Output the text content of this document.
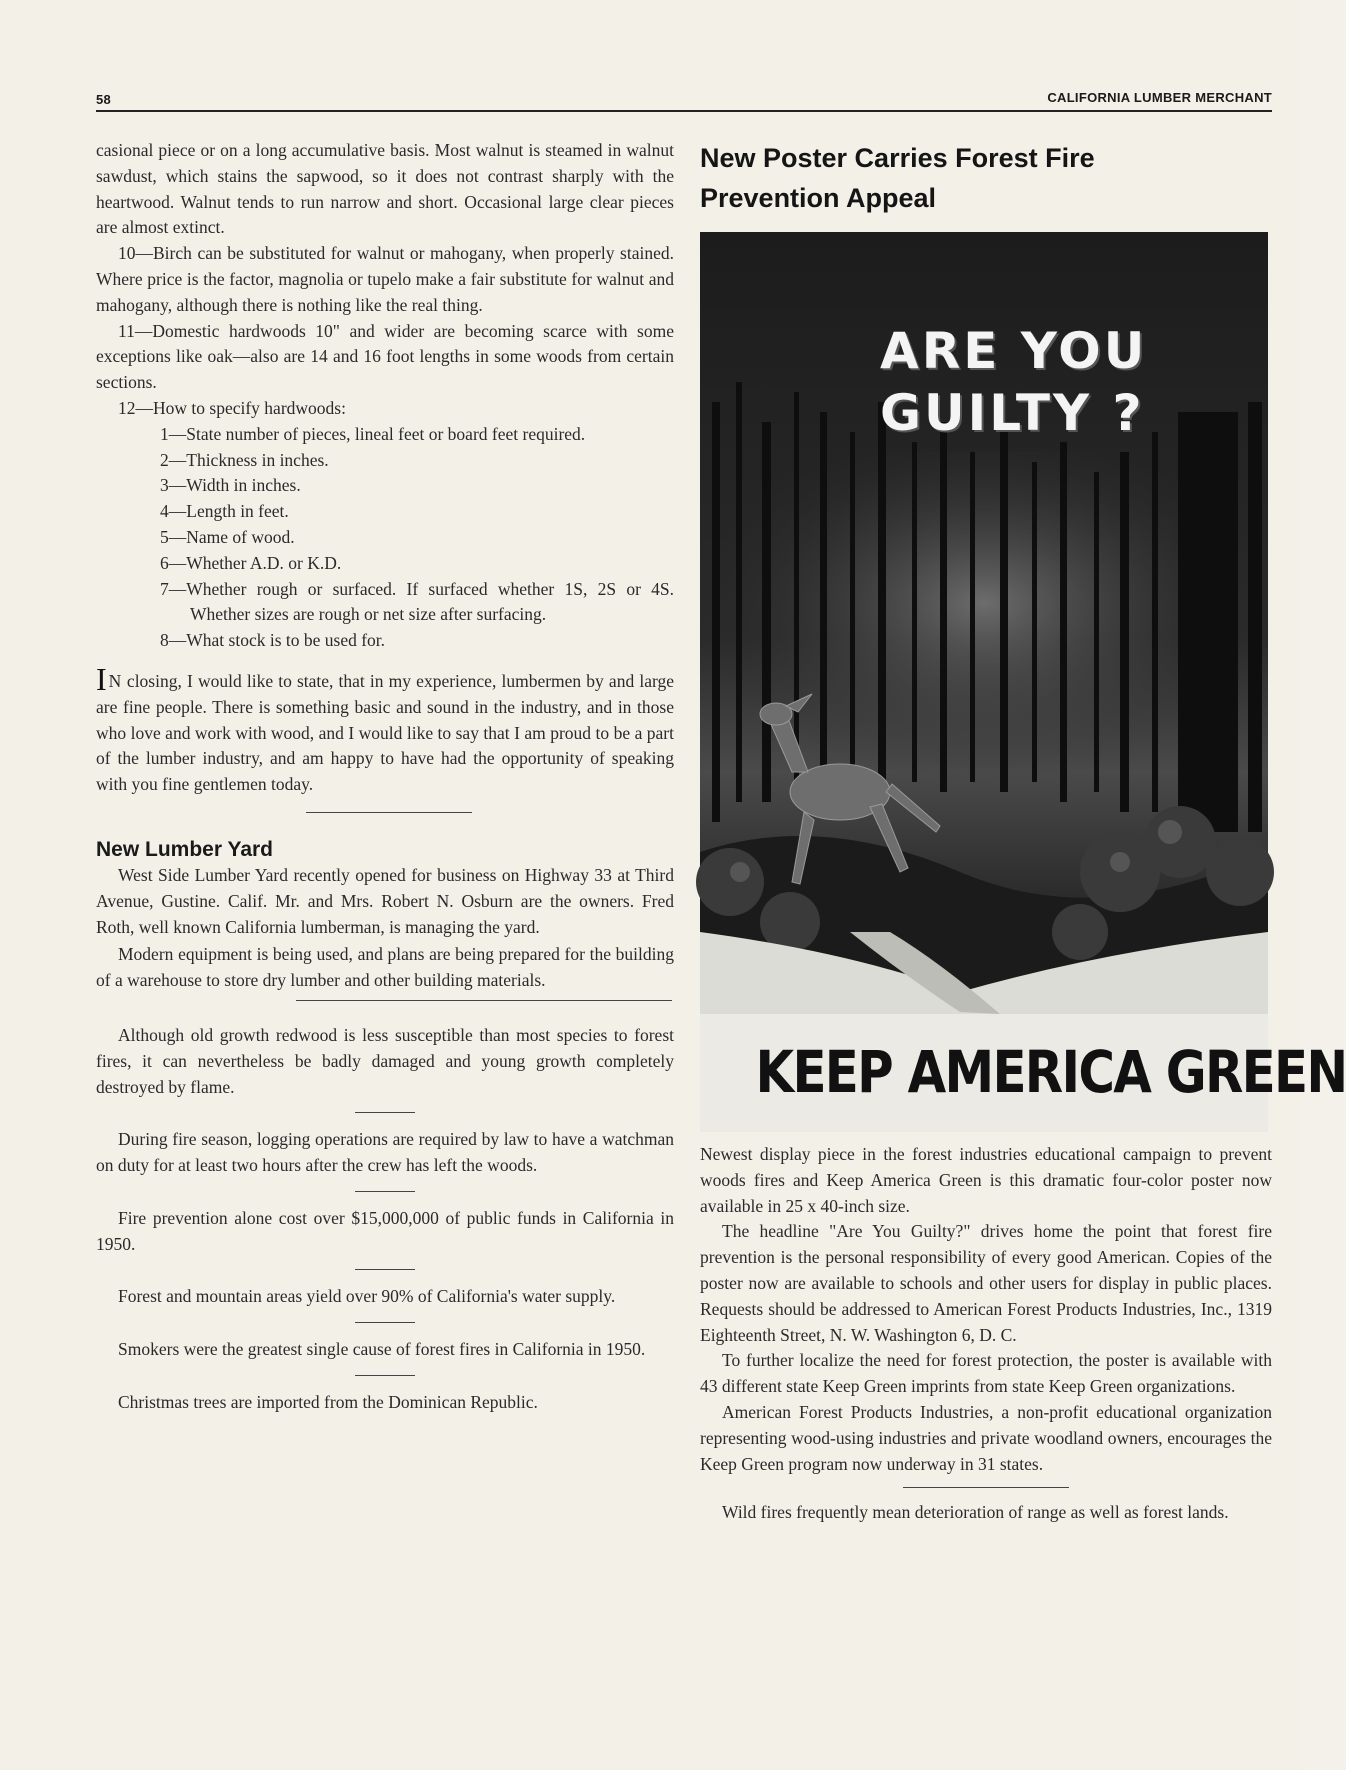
58	CALIFORNIA LUMBER MERCHANT

casional piece or on a long accumulative basis. Most walnut is steamed in walnut sawdust, which stains the sapwood, so it does not contrast sharply with the heartwood. Walnut tends to run narrow and short. Occasional large clear pieces are almost extinct.

10—Birch can be substituted for walnut or mahogany, when properly stained. Where price is the factor, magnolia or tupelo make a fair substitute for walnut and mahogany, although there is nothing like the real thing.

11—Domestic hardwoods 10" and wider are becoming scarce with some exceptions like oak—also are 14 and 16 foot lengths in some woods from certain sections.

12—How to specify hardwoods:

1—State number of pieces, lineal feet or board feet required.

2—Thickness in inches.

3—Width in inches.

4—Length in feet.

5—Name of wood.

6—Whether A.D. or K.D.

7—Whether rough or surfaced. If surfaced whether 1S, 2S or 4S. Whether sizes are rough or net size after surfacing.

8—What stock is to be used for.

I N closing, I would like to state, that in my experience, lumbermen by and large are fine people. There is something basic and sound in the industry, and in those who love and work with wood, and I would like to say that I am proud to be a part of the lumber industry, and am happy to have had the opportunity of speaking with you fine gentlemen today.

New Lumber Yard

West Side Lumber Yard recently opened for business on Highway 33 at Third Avenue, Gustine. Calif. Mr. and Mrs. Robert N. Osburn are the owners. Fred Roth, well known California lumberman, is managing the yard.

Modern equipment is being used, and plans are being prepared for the building of a warehouse to store dry lumber and other building materials.

Although old growth redwood is less susceptible than most species to forest fires, it can nevertheless be badly damaged and young growth completely destroyed by flame.

During fire season, logging operations are required by law to have a watchman on duty for at least two hours after the crew has left the woods.

Fire prevention alone cost over $15,000,000 of public funds in California in 1950.

Forest and mountain areas yield over 90% of California's water supply.

Smokers were the greatest single cause of forest fires in California in 1950.

Christmas trees are imported from the Dominican Republic.

New Poster Carries Forest Fire
Prevention Appeal
ARE YOU
GUILTY ?
KEEP AMERICA GREEN

Newest display piece in the forest industries educational campaign to prevent woods fires and Keep America Green is this dramatic four-color poster now available in 25 x 40-inch size.

The headline "Are You Guilty?" drives home the point that forest fire prevention is the personal responsibility of every good American. Copies of the poster now are available to schools and other users for display in public places. Requests should be addressed to American Forest Products Industries, Inc., 1319 Eighteenth Street, N. W. Washington 6, D. C.

To further localize the need for forest protection, the poster is available with 43 different state Keep Green imprints from state Keep Green organizations.

American Forest Products Industries, a non-profit educational organization representing wood-using industries and private woodland owners, encourages the Keep Green program now underway in 31 states.

Wild fires frequently mean deterioration of range as well as forest lands.
